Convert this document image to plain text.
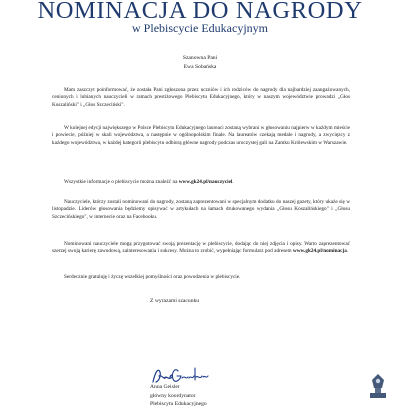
NOMINACJA DO NAGRODY
w Plebiscycie Edukacyjnym
Szanowna Pani
Ewa Sobańska

Mam zaszczyt poinformować, że została Pani zgłoszona przez uczniów i ich rodziców do nagrody dla najbardziej zaangażowanych, cenionych i lubianych nauczycieli w ramach prestiżowego Plebiscytu Edukacyjnego, który w naszym województwie prowadzi „Głos Koszaliński" i „Głos Szczeciński".

W kolejnej edycji największego w Polsce Plebiscytu Edukacyjnego laureaci zostaną wybrani w głosowaniu najpierw w każdym mieście i powiecie, później w skali województwa, a następnie w ogólnopolskim finale. Na laureatów czekają medale i nagrody, a zwycięzcy z każdego województwa, w każdej kategorii plebiscytu odbiorą główne nagrody podczas uroczystej gali na Zamku Królewskim w Warszawie.

Wszystkie informacje o plebiscycie można znaleźć na www.gk24.pl/nauczyciel.

Nauczyciele, którzy zostali nominowani do nagrody, zostaną zaprezentowani w specjalnym dodatku do naszej gazety, który ukaże się w listopadzie. Liderów głosowania będziemy opisywać w artykułach na łamach drukowanego wydania „Głosu Koszalińskiego" i „Głosu Szczecińskiego", w internecie oraz na Facebooku.

Nominowani nauczyciele mogą przygotować swoją prezentację w plebiscycie, dodając do niej zdjęcia i opisy. Warto zaprezentować szerzej swoją karierę zawodową, zainteresowania i sukcesy. Można to zrobić, wypełniając formularz pod adresem www.gk24.pl/nominacja.

Serdecznie gratuluję i życzę wszelkiej pomyślności oraz powodzenia w plebiscycie.

Z wyrazami szacunku
Anna Geisler
główny koordynator
Plebiscytu Edukacyjnego
